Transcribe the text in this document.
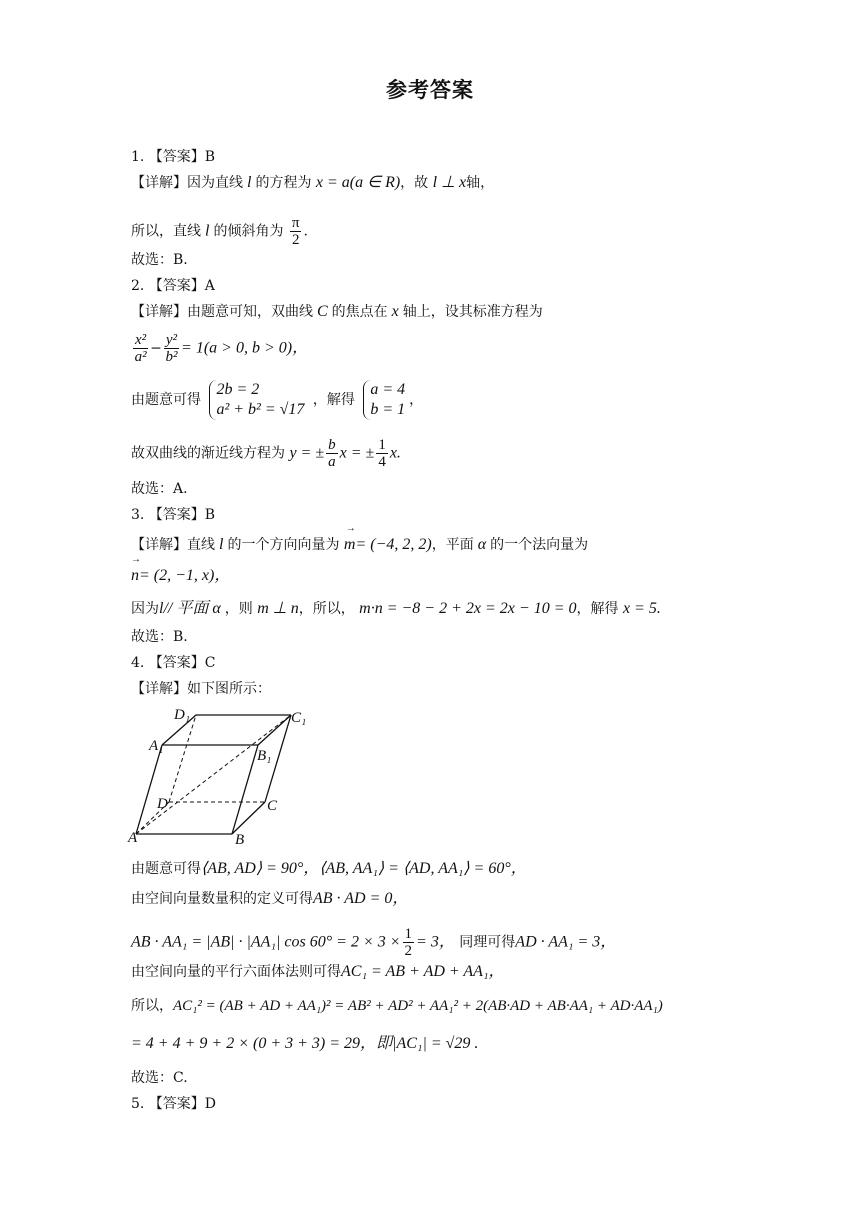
参考答案
1. 【答案】B
【详解】因为直线 l 的方程为 x = a(a ∈ R)，故 l ⊥ x轴，
所以，直线 l 的倾斜角为 $\frac{\pi}{2}$ .
故选：B.
2. 【答案】A
【详解】由题意可知，双曲线 C 的焦点在 x 轴上，设其标准方程为
$\frac{\text{x²}}{\text{a²}} - \frac{\text{y²}}{\text{b²}} = 1(a > 0$, b > 0)，
由题意可得
2b = 2
a² + b² = √17
，解得
a = 4
b = 1
，
故双曲线的渐近线方程为 y = ± $\frac{b}{a}$ x = ± $\frac{1}{4} x$.
故选：A.
3. 【答案】B
【详解】直线 l 的一个方向向量为 → m= (−4, 2, 2)，平面 α 的一个法向量为
→ n= (2, −1, x)，
因为l// 平面 α ，则 m ⊥ n，所以， m·n = −8 − 2 + 2x = 2x − 10 = 0，解得 x = 5.
故选：B.
4. 【答案】C
【详解】如下图所示：
D₁	C₁
A₁
B₁
D	C
A	B
由题意可得⟨AB, AD⟩ = 90°，⟨AB, AA₁⟩ = ⟨AD, AA₁⟩ = 60°，
由空间向量数量积的定义可得AB · AD = 0，
AB · AA₁ = |AB| · |AA₁| $\cos 60^\circ = 2 \times 3 \times \frac{1}{2} = 3$， 同理可得AD · AA₁ = 3，
由空间向量的平行六面体法则可得AC₁ = AB + AD + AA₁，
所以，AC₁² = (AB + AD + AA₁)² = AB² + AD² + AA₁² + 2(AB·AD + AB·AA₁ + AD·AA₁)
= 4 + 4 + 9 + 2 × (0 + 3 + 3) = 29，即|AC₁| = √29 .
故选：C.
5. 【答案】D
